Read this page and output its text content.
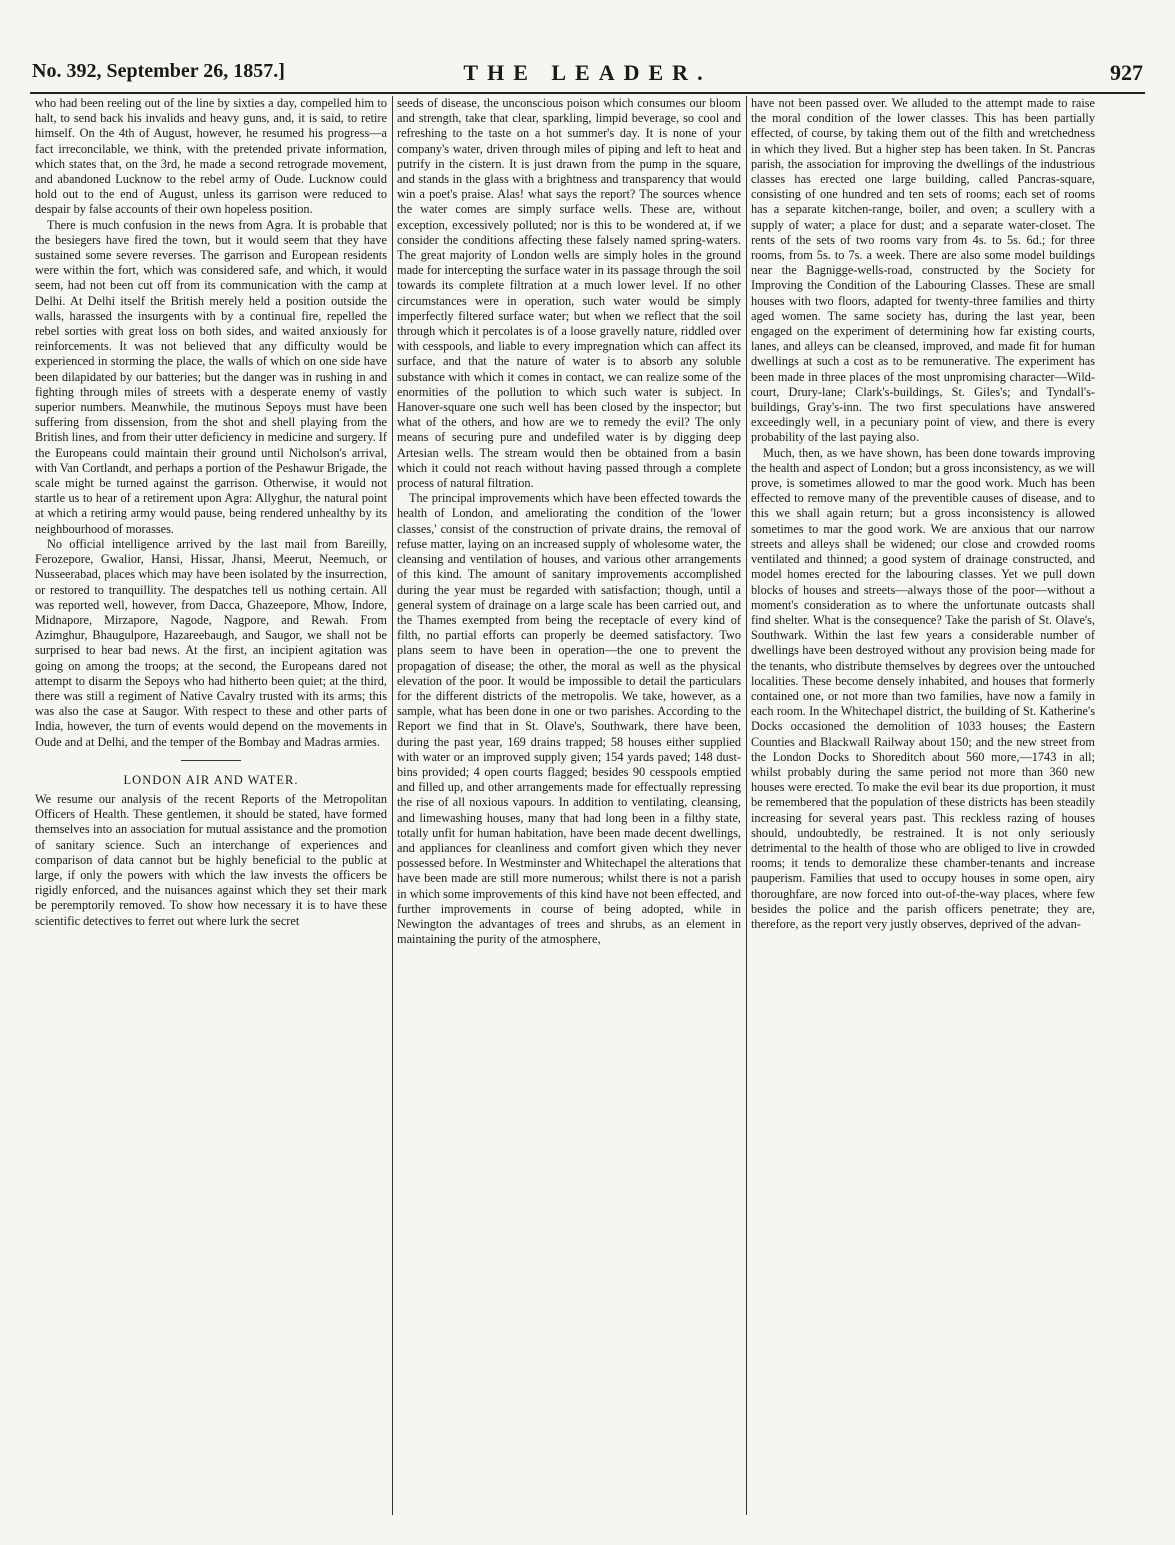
No. 392, September 26, 1857.]	THE LEADER.	927

who had been reeling out of the line by sixties a day, compelled him to halt, to send back his invalids and heavy guns, and, it is said, to retire himself. On the 4th of August, however, he resumed his progress—a fact irreconcilable, we think, with the pretended private information, which states that, on the 3rd, he made a second retrograde movement, and abandoned Lucknow to the rebel army of Oude. Lucknow could hold out to the end of August, unless its garrison were reduced to despair by false accounts of their own hopeless position.

There is much confusion in the news from Agra. It is probable that the besiegers have fired the town, but it would seem that they have sustained some severe reverses. The garrison and European residents were within the fort, which was considered safe, and which, it would seem, had not been cut off from its communication with the camp at Delhi. At Delhi itself the British merely held a position outside the walls, harassed the insurgents with by a continual fire, repelled the rebel sorties with great loss on both sides, and waited anxiously for reinforcements. It was not believed that any difficulty would be experienced in storming the place, the walls of which on one side have been dilapidated by our batteries; but the danger was in rushing in and fighting through miles of streets with a desperate enemy of vastly superior numbers. Meanwhile, the mutinous Sepoys must have been suffering from dissension, from the shot and shell playing from the British lines, and from their utter deficiency in medicine and surgery. If the Europeans could maintain their ground until Nicholson's arrival, with Van Cortlandt, and perhaps a portion of the Peshawur Brigade, the scale might be turned against the garrison. Otherwise, it would not startle us to hear of a retirement upon Agra: Allyghur, the natural point at which a retiring army would pause, being rendered unhealthy by its neighbourhood of morasses.

No official intelligence arrived by the last mail from Bareilly, Ferozepore, Gwalior, Hansi, Hissar, Jhansi, Meerut, Neemuch, or Nusseerabad, places which may have been isolated by the insurrection, or restored to tranquillity. The despatches tell us nothing certain. All was reported well, however, from Dacca, Ghazeepore, Mhow, Indore, Midnapore, Mirzapore, Nagode, Nagpore, and Rewah. From Azimghur, Bhaugulpore, Hazareebaugh, and Saugor, we shall not be surprised to hear bad news. At the first, an incipient agitation was going on among the troops; at the second, the Europeans dared not attempt to disarm the Sepoys who had hitherto been quiet; at the third, there was still a regiment of Native Cavalry trusted with its arms; this was also the case at Saugor. With respect to these and other parts of India, however, the turn of events would depend on the movements in Oude and at Delhi, and the temper of the Bombay and Madras armies.

LONDON AIR AND WATER.

We resume our analysis of the recent Reports of the Metropolitan Officers of Health. These gentlemen, it should be stated, have formed themselves into an association for mutual assistance and the promotion of sanitary science. Such an interchange of experiences and comparison of data cannot but be highly beneficial to the public at large, if only the powers with which the law invests the officers be rigidly enforced, and the nuisances against which they set their mark be peremptorily removed. To show how necessary it is to have these scientific detectives to ferret out where lurk the secret

seeds of disease, the unconscious poison which consumes our bloom and strength, take that clear, sparkling, limpid beverage, so cool and refreshing to the taste on a hot summer's day. It is none of your company's water, driven through miles of piping and left to heat and putrify in the cistern. It is just drawn from the pump in the square, and stands in the glass with a brightness and transparency that would win a poet's praise. Alas! what says the report? The sources whence the water comes are simply surface wells. These are, without exception, excessively polluted; nor is this to be wondered at, if we consider the conditions affecting these falsely named spring-waters. The great majority of London wells are simply holes in the ground made for intercepting the surface water in its passage through the soil towards its complete filtration at a much lower level. If no other circumstances were in operation, such water would be simply imperfectly filtered surface water; but when we reflect that the soil through which it percolates is of a loose gravelly nature, riddled over with cesspools, and liable to every impregnation which can affect its surface, and that the nature of water is to absorb any soluble substance with which it comes in contact, we can realize some of the enormities of the pollution to which such water is subject. In Hanover-square one such well has been closed by the inspector; but what of the others, and how are we to remedy the evil? The only means of securing pure and undefiled water is by digging deep Artesian wells. The stream would then be obtained from a basin which it could not reach without having passed through a complete process of natural filtration.

The principal improvements which have been effected towards the health of London, and ameliorating the condition of the 'lower classes,' consist of the construction of private drains, the removal of refuse matter, laying on an increased supply of wholesome water, the cleansing and ventilation of houses, and various other arrangements of this kind. The amount of sanitary improvements accomplished during the year must be regarded with satisfaction; though, until a general system of drainage on a large scale has been carried out, and the Thames exempted from being the receptacle of every kind of filth, no partial efforts can properly be deemed satisfactory. Two plans seem to have been in operation—the one to prevent the propagation of disease; the other, the moral as well as the physical elevation of the poor. It would be impossible to detail the particulars for the different districts of the metropolis. We take, however, as a sample, what has been done in one or two parishes. According to the Report we find that in St. Olave's, Southwark, there have been, during the past year, 169 drains trapped; 58 houses either supplied with water or an improved supply given; 154 yards paved; 148 dust-bins provided; 4 open courts flagged; besides 90 cesspools emptied and filled up, and other arrangements made for effectually repressing the rise of all noxious vapours. In addition to ventilating, cleansing, and limewashing houses, many that had long been in a filthy state, totally unfit for human habitation, have been made decent dwellings, and appliances for cleanliness and comfort given which they never possessed before. In Westminster and Whitechapel the alterations that have been made are still more numerous; whilst there is not a parish in which some improvements of this kind have not been effected, and further improvements in course of being adopted, while in Newington the advantages of trees and shrubs, as an element in maintaining the purity of the atmosphere,

have not been passed over. We alluded to the attempt made to raise the moral condition of the lower classes. This has been partially effected, of course, by taking them out of the filth and wretchedness in which they lived. But a higher step has been taken. In St. Pancras parish, the association for improving the dwellings of the industrious classes has erected one large building, called Pancras-square, consisting of one hundred and ten sets of rooms; each set of rooms has a separate kitchen-range, boiler, and oven; a scullery with a supply of water; a place for dust; and a separate water-closet. The rents of the sets of two rooms vary from 4s. to 5s. 6d.; for three rooms, from 5s. to 7s. a week. There are also some model buildings near the Bagnigge-wells-road, constructed by the Society for Improving the Condition of the Labouring Classes. These are small houses with two floors, adapted for twenty-three families and thirty aged women. The same society has, during the last year, been engaged on the experiment of determining how far existing courts, lanes, and alleys can be cleansed, improved, and made fit for human dwellings at such a cost as to be remunerative. The experiment has been made in three places of the most unpromising character—Wild-court, Drury-lane; Clark's-buildings, St. Giles's; and Tyndall's-buildings, Gray's-inn. The two first speculations have answered exceedingly well, in a pecuniary point of view, and there is every probability of the last paying also.

Much, then, as we have shown, has been done towards improving the health and aspect of London; but a gross inconsistency, as we will prove, is sometimes allowed to mar the good work. Much has been effected to remove many of the preventible causes of disease, and to this we shall again return; but a gross inconsistency is allowed sometimes to mar the good work. We are anxious that our narrow streets and alleys shall be widened; our close and crowded rooms ventilated and thinned; a good system of drainage constructed, and model homes erected for the labouring classes. Yet we pull down blocks of houses and streets—always those of the poor—without a moment's consideration as to where the unfortunate outcasts shall find shelter. What is the consequence? Take the parish of St. Olave's, Southwark. Within the last few years a considerable number of dwellings have been destroyed without any provision being made for the tenants, who distribute themselves by degrees over the untouched localities. These become densely inhabited, and houses that formerly contained one, or not more than two families, have now a family in each room. In the Whitechapel district, the building of St. Katherine's Docks occasioned the demolition of 1033 houses; the Eastern Counties and Blackwall Railway about 150; and the new street from the London Docks to Shoreditch about 560 more,—1743 in all; whilst probably during the same period not more than 360 new houses were erected. To make the evil bear its due proportion, it must be remembered that the population of these districts has been steadily increasing for several years past. This reckless razing of houses should, undoubtedly, be restrained. It is not only seriously detrimental to the health of those who are obliged to live in crowded rooms; it tends to demoralize these chamber-tenants and increase pauperism. Families that used to occupy houses in some open, airy thoroughfare, are now forced into out-of-the-way places, where few besides the police and the parish officers penetrate; they are, therefore, as the report very justly observes, deprived of the advan-
